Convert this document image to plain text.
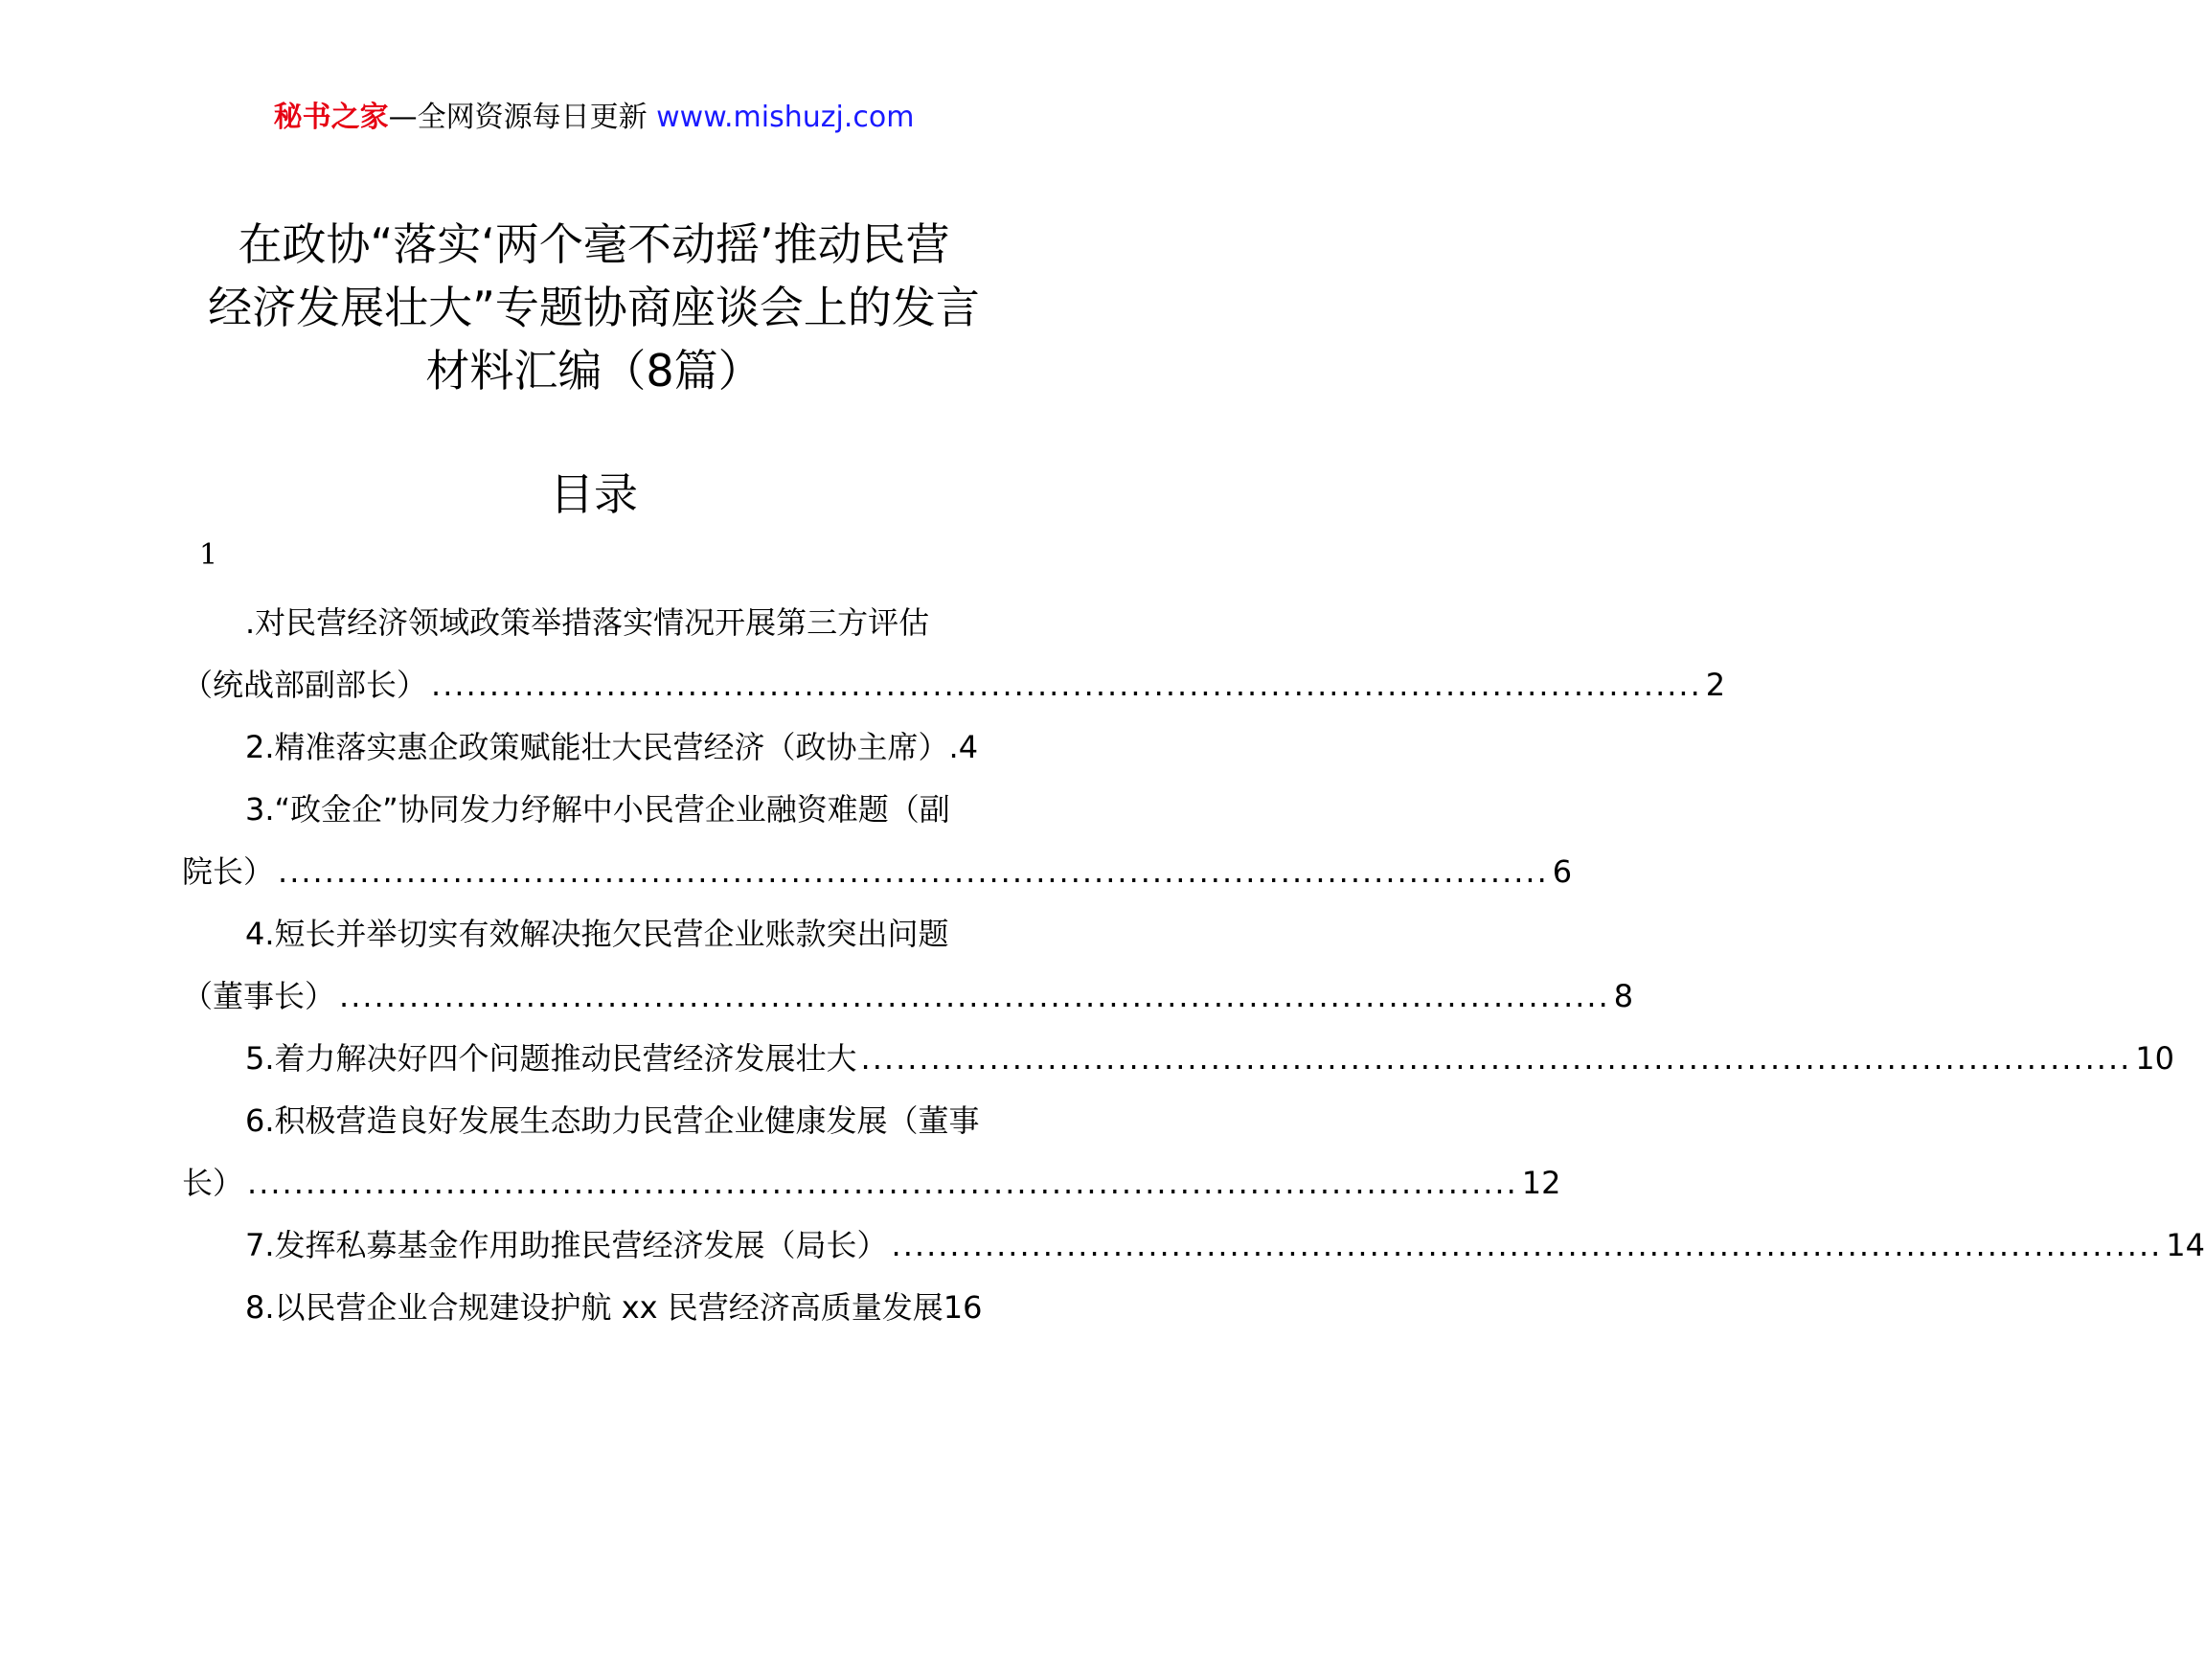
秘书之家—全网资源每日更新 www.mishuzj.com
在政协“落实‘两个毫不动摇’推动民营
经济发展壮大”专题协商座谈会上的发言
材料汇编（8篇）
目录
1
.对民营经济领域政策举措落实情况开展第三方评估
（统战部副部长） ............................................................................................................. 2
2.精准落实惠企政策赋能壮大民营经济（政协主席）.4
3.“政金企”协同发力纾解中小民营企业融资难题（副
院长） ............................................................................................................. 6
4.短长并举切实有效解决拖欠民营企业账款突出问题
（董事长） ............................................................................................................. 8
5.着力解决好四个问题推动民营经济发展壮大 ............................................................................................................. 10
6.积极营造良好发展生态助力民营企业健康发展（董事
长） ............................................................................................................. 12
7.发挥私募基金作用助推民营经济发展（局长） ............................................................................................................. 14
8.以民营企业合规建设护航 xx 民营经济高质量发展 16
